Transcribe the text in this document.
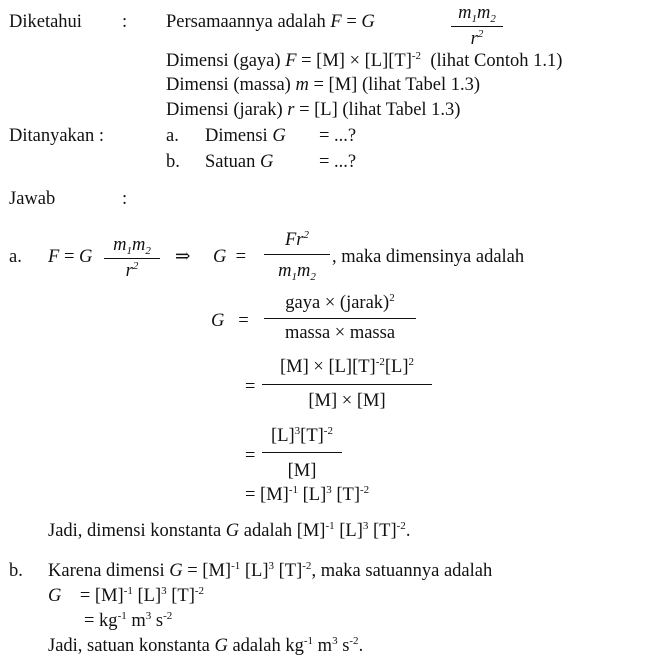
Diketahui : Persamaannya adalah F = G	$m_1m_2$
$r^2$
Dimensi (gaya) $F = [M] \times [L][T]^{-2}$ (lihat Contoh 1.1)
Dimensi (massa) m = [M] (lihat Tabel 1.3)
Dimensi (jarak) r = [L] (lihat Tabel 1.3)
Ditanyakan :	a. Dimensi G = ...?
b. Satuan G = ...?
Jawab	:
a. F = G
$m_1m_2$
$r^2$	⇒ G  =
$Fr^2$
$m_1m_2$
, maka dimensinya adalah
G   =
gaya × (jarak)$^2$
massa × massa
=
$[M] \times [L][T]^{-2}[L]^2$
[M] × [M]
=
$[L]^3[T]^{-2}$
[M]
= $[M]^{-1}$ $[L]^3$ $[T]^{-2}$
Jadi, dimensi konstanta G adalah $[M]^{-1}$ $[L]^3$ $[T]^{-2}$.
b. Karena dimensi $G = [M]^{-1}$ $[L]^3$ $[T]^{-2}$, maka satuannya adalah
G    = $[M]^{-1}$ $[L]^3$ $[T]^{-2}$
= $kg^{-1}$ $m^3$ $s^{-2}$
Jadi, satuan konstanta G adalah $kg^{-1}$ $m^3$ $s^{-2}$.
